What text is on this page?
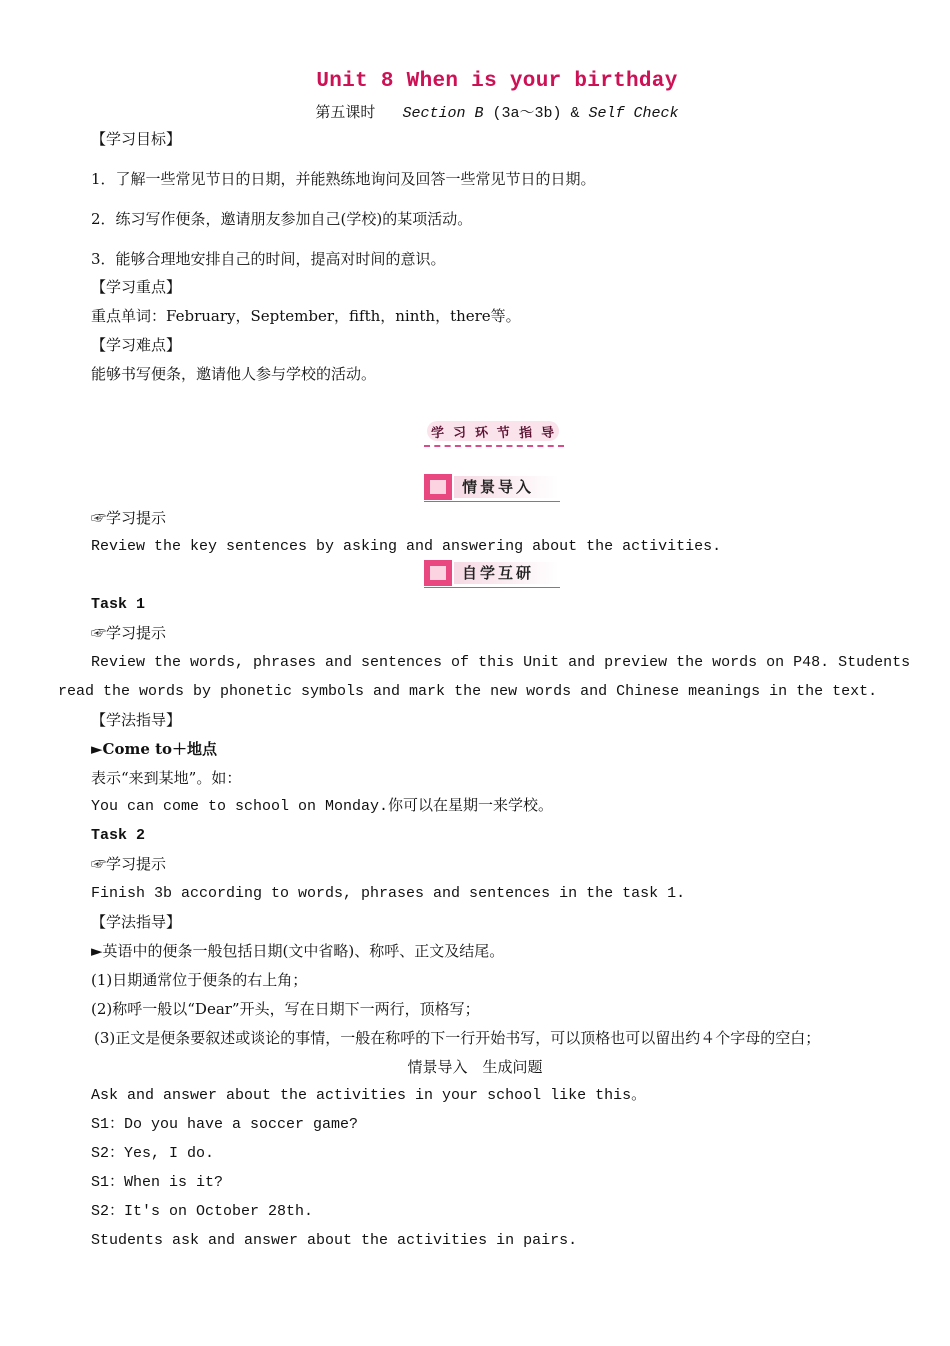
Unit 8 When is your birthday
第五课时 Section B (3a～3b) & Self Check
【学习目标】
1．了解一些常见节日的日期，并能熟练地询问及回答一些常见节日的日期。
2．练习写作便条，邀请朋友参加自己(学校)的某项活动。
3．能够合理地安排自己的时间，提高对时间的意识。
【学习重点】
重点单词：February，September，fifth，ninth，there等。
【学习难点】
能够书写便条，邀请他人参与学校的活动。
学 习 环 节 指 导
情景导入
☞学习提示
Review the key sentences by asking and answering about the activities.
自学互研
Task 1
☞学习提示
Review the words, phrases and sentences of this Unit and preview the words on P48. Students
read the words by phonetic symbols and mark the new words and Chinese meanings in the text.
【学法指导】
►Come to＋地点
表示“来到某地”。如：
You can come to school on Monday.你可以在星期一来学校。
Task 2
☞学习提示
Finish 3b according to words, phrases and sentences in the task 1.
【学法指导】
►英语中的便条一般包括日期(文中省略)、称呼、正文及结尾。
(1)日期通常位于便条的右上角；
(2)称呼一般以“Dear”开头，写在日期下一两行，顶格写；
(3)正文是便条要叙述或谈论的事情，一般在称呼的下一行开始书写，可以顶格也可以留出约４个字母的空白；
情景导入　生成问题
Ask and answer about the activities in your school like this。
S1：Do you have a soccer game?
S2：Yes, I do.
S1：When is it?
S2：It's on October 28th.
Students ask and answer about the activities in pairs.
